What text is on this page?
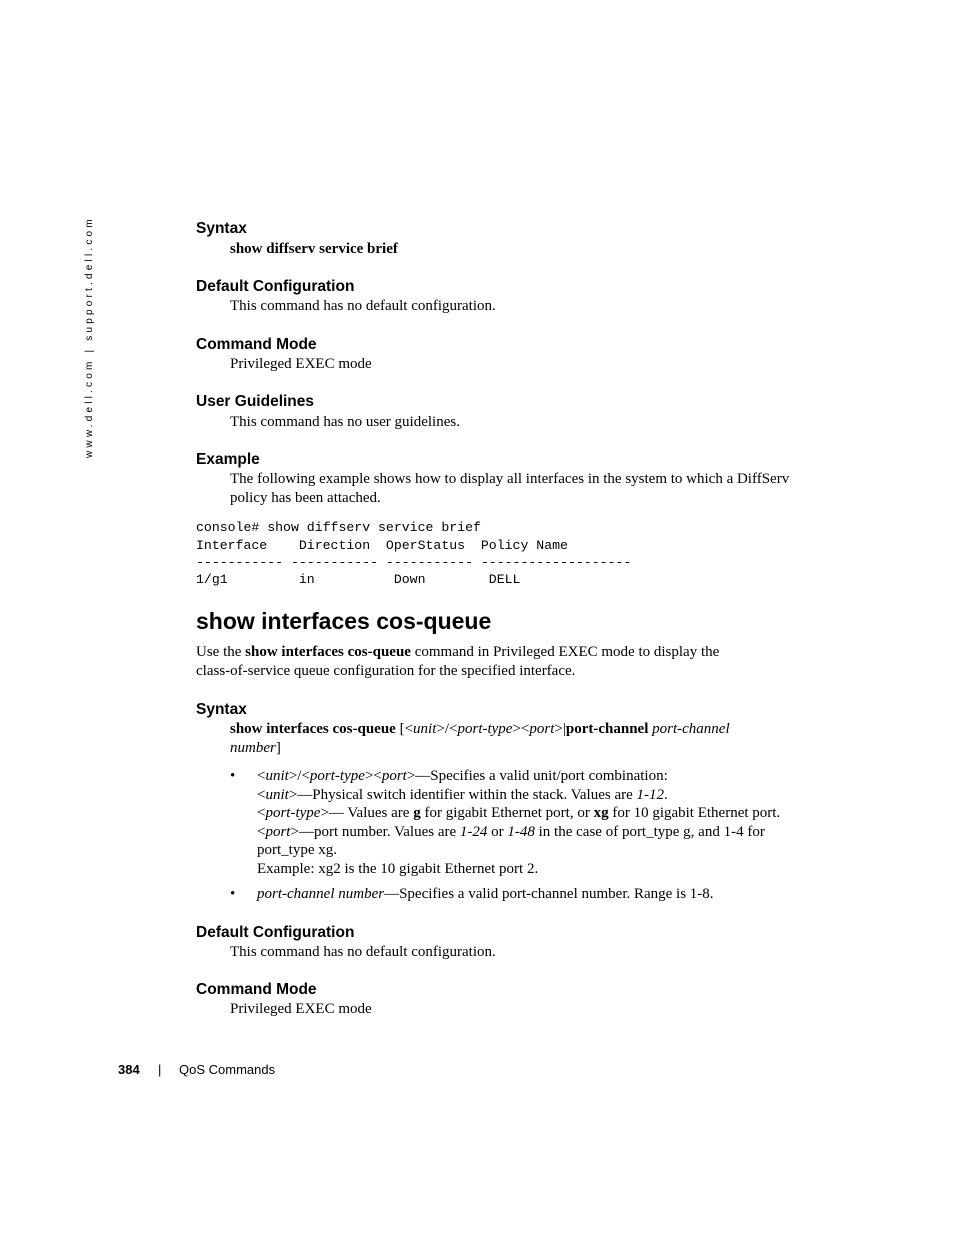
www.dell.com | support.dell.com	Syntax

show diffserv service brief

Default Configuration

This command has no default configuration.

Command Mode

Privileged EXEC mode

User Guidelines

This command has no user guidelines.

Example

The following example shows how to display all interfaces in the system to which a DiffServ

policy has been attached.

console# show diffserv service brief
Interface    Direction  OperStatus  Policy Name
----------- ----------- ----------- -------------------
1/g1         in          Down        DELL
show interfaces cos-queue

Use the show interfaces cos-queue command in Privileged EXEC mode to display the

class-of-service queue configuration for the specified interface.

Syntax

show interfaces cos-queue [<unit>/<port-type><port>|port-channel port-channel

number]

• <unit>/<port-type><port>—Specifies a valid unit/port combination:
<unit>—Physical switch identifier within the stack. Values are 1-12.
<port-type>— Values are g for gigabit Ethernet port, or xg for 10 gigabit Ethernet port.
<port>—port number. Values are 1-24 or 1-48 in the case of port_type g, and 1-4 for
port_type xg.
Example: xg2 is the 10 gigabit Ethernet port 2.
• port-channel number—Specifies a valid port-channel number. Range is 1-8.
Default Configuration

This command has no default configuration.

Command Mode

Privileged EXEC mode

384 | QoS Commands
